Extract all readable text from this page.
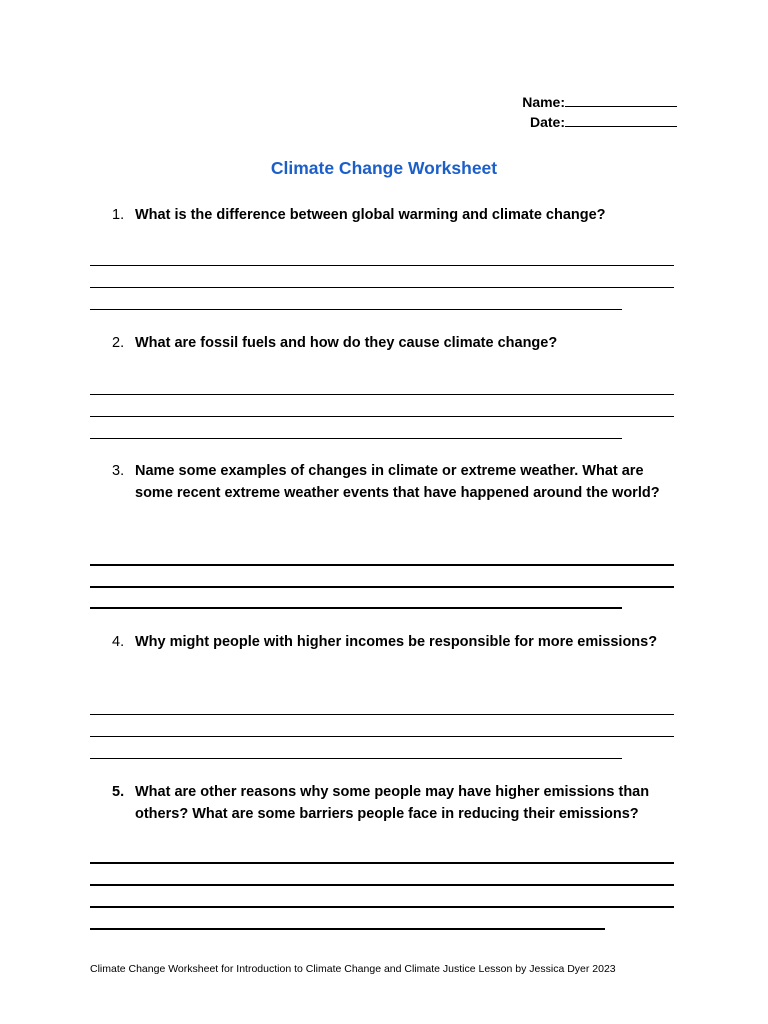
Name:
Date:
Climate Change Worksheet
1. What is the difference between global warming and climate change?
2. What are fossil fuels and how do they cause climate change?
3. Name some examples of changes in climate or extreme weather. What are some recent extreme weather events that have happened around the world?
4. Why might people with higher incomes be responsible for more emissions?
5. What are other reasons why some people may have higher emissions than others? What are some barriers people face in reducing their emissions?
Climate Change Worksheet for Introduction to Climate Change and Climate Justice Lesson by Jessica Dyer 2023
